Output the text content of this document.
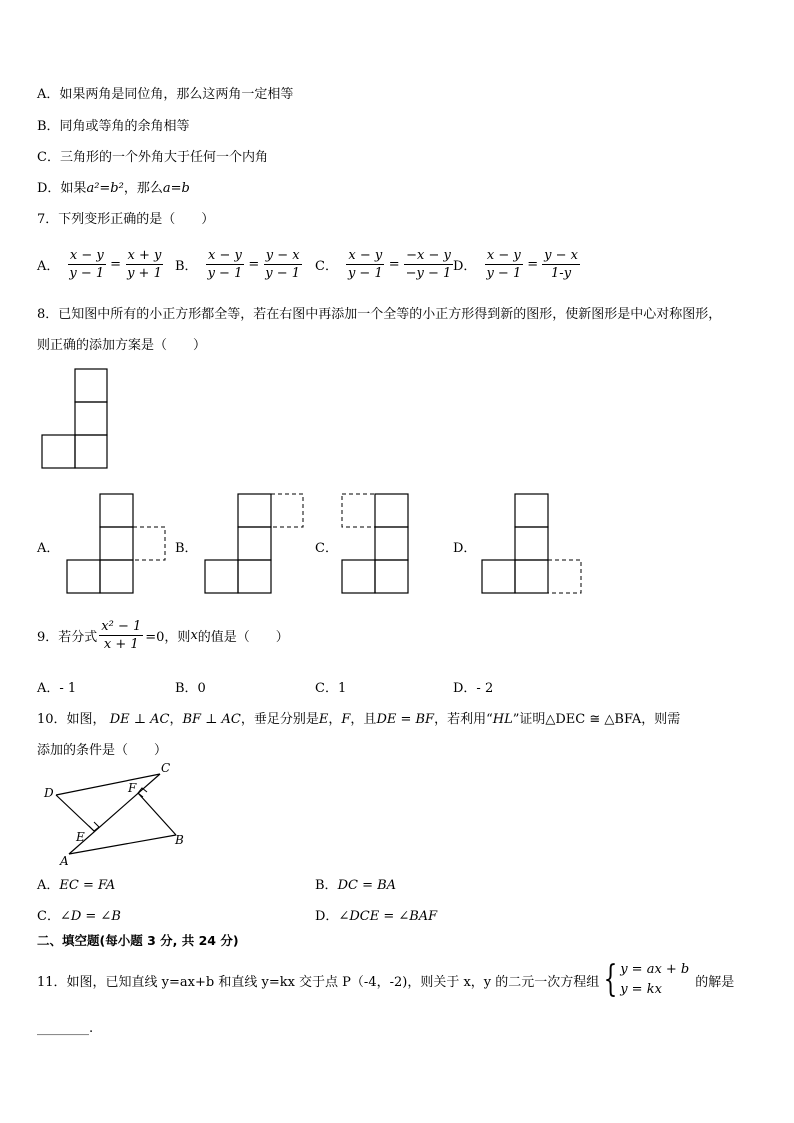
A．如果两角是同位角，那么这两角一定相等
B．同角或等角的余角相等
C．三角形的一个外角大于任何一个内角
D．如果a²=b²，那么a=b
7．下列变形正确的是（　　）
A． $\frac{x - y}{y - 1} = \frac{x + y}{y + 1}$ B． $\frac{x - y}{y - 1} = \frac{y - x}{y - 1}$ C． $\frac{x - y}{y - 1} = \frac{-x - y}{-y - 1}$ D． $\frac{x - y}{y - 1} = \frac{y - x}{1-y}$
8．已知图中所有的小正方形都全等，若在右图中再添加一个全等的小正方形得到新的图形，使新图形是中心对称图形，
则正确的添加方案是（　　）
A．	B．	C．	D．
9．若分式 $\frac{\text{x² − 1}}{x + 1} =0$，则 x 的值是（　　）
A．- 1	B．0	C．1	D．- 2
10．如图， DE ⊥ AC，BF ⊥ AC，垂足分别是E，F，且DE = BF，若利用“HL”证明△DEC ≅ △BFA，则需
添加的条件是（　　）
D
C
F
E
A
B
A．EC = FA	B．DC = BA
C．∠D = ∠B	D．∠DCE = ∠BAF
二、填空题(每小题 3 分, 共 24 分)
11．如图，已知直线 y=ax+b 和直线 y=kx 交于点 P（-4，-2)，则关于 x，y 的二元一次方程组 { y = ax + b
y = kx	的解是
________.
